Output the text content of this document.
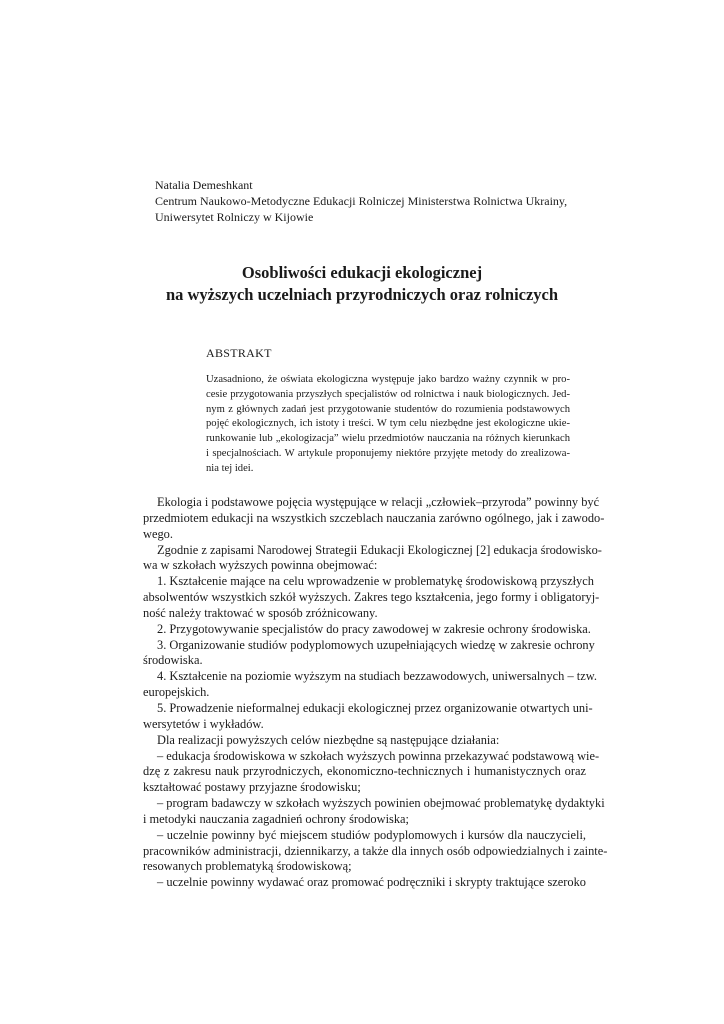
Natalia Demeshkant
Centrum Naukowo-Metodyczne Edukacji Rolniczej Ministerstwa Rolnictwa Ukrainy,
Uniwersytet Rolniczy w Kijowie
Osobliwości edukacji ekologicznej
na wyższych uczelniach przyrodniczych oraz rolniczych
ABSTRAKT
Uzasadniono, że oświata ekologiczna występuje jako bardzo ważny czynnik w pro-
cesie przygotowania przyszłych specjalistów od rolnictwa i nauk biologicznych. Jed-
nym z głównych zadań jest przygotowanie studentów do rozumienia podstawowych
pojęć ekologicznych, ich istoty i treści. W tym celu niezbędne jest ekologiczne ukie-
runkowanie lub „ekologizacja” wielu przedmiotów nauczania na różnych kierunkach
i specjalnościach. W artykule proponujemy niektóre przyjęte metody do zrealizowa-
nia tej idei.
Ekologia i podstawowe pojęcia występujące w relacji „człowiek–przyroda” powinny być
przedmiotem edukacji na wszystkich szczeblach nauczania zarówno ogólnego, jak i zawodo-
wego.
Zgodnie z zapisami Narodowej Strategii Edukacji Ekologicznej [2] edukacja środowisko-
wa w szkołach wyższych powinna obejmować:
1. Kształcenie mające na celu wprowadzenie w problematykę środowiskową przyszłych
absolwentów wszystkich szkół wyższych. Zakres tego kształcenia, jego formy i obligatoryj-
ność należy traktować w sposób zróżnicowany.
2. Przygotowywanie specjalistów do pracy zawodowej w zakresie ochrony środowiska.
3. Organizowanie studiów podyplomowych uzupełniających wiedzę w zakresie ochrony
środowiska.
4. Kształcenie na poziomie wyższym na studiach bezzawodowych, uniwersalnych – tzw.
europejskich.
5. Prowadzenie nieformalnej edukacji ekologicznej przez organizowanie otwartych uni-
wersytetów i wykładów.
Dla realizacji powyższych celów niezbędne są następujące działania:
– edukacja środowiskowa w szkołach wyższych powinna przekazywać podstawową wie-
dzę z zakresu nauk przyrodniczych, ekonomiczno-technicznych i humanistycznych oraz
kształtować postawy przyjazne środowisku;
– program badawczy w szkołach wyższych powinien obejmować problematykę dydaktyki
i metodyki nauczania zagadnień ochrony środowiska;
– uczelnie powinny być miejscem studiów podyplomowych i kursów dla nauczycieli,
pracowników administracji, dziennikarzy, a także dla innych osób odpowiedzialnych i zainte-
resowanych problematyką środowiskową;
– uczelnie powinny wydawać oraz promować podręczniki i skrypty traktujące szeroko
